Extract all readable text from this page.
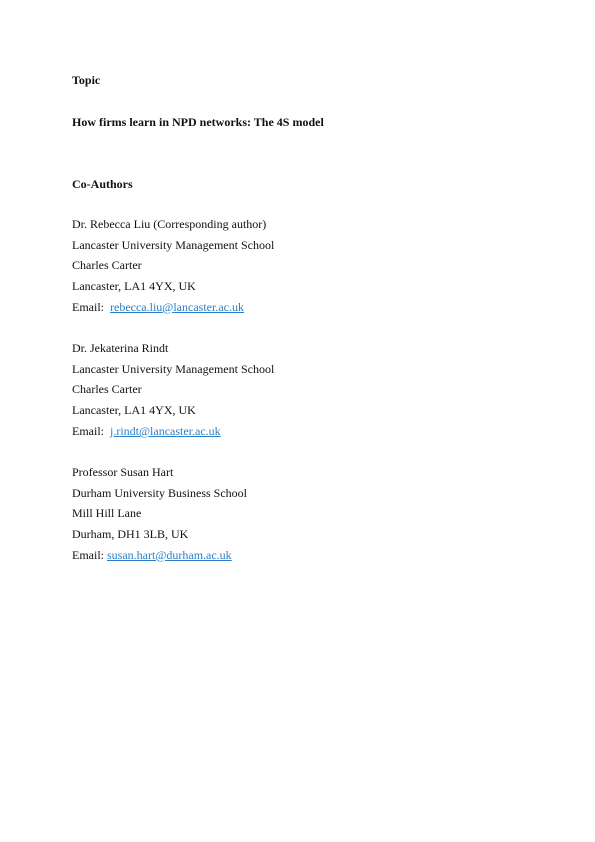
Topic
How firms learn in NPD networks: The 4S model
Co-Authors
Dr. Rebecca Liu (Corresponding author)
Lancaster University Management School
Charles Carter
Lancaster, LA1 4YX, UK
Email: rebecca.liu@lancaster.ac.uk
Dr. Jekaterina Rindt
Lancaster University Management School
Charles Carter
Lancaster, LA1 4YX, UK
Email: j.rindt@lancaster.ac.uk
Professor Susan Hart
Durham University Business School
Mill Hill Lane
Durham, DH1 3LB, UK
Email: susan.hart@durham.ac.uk
